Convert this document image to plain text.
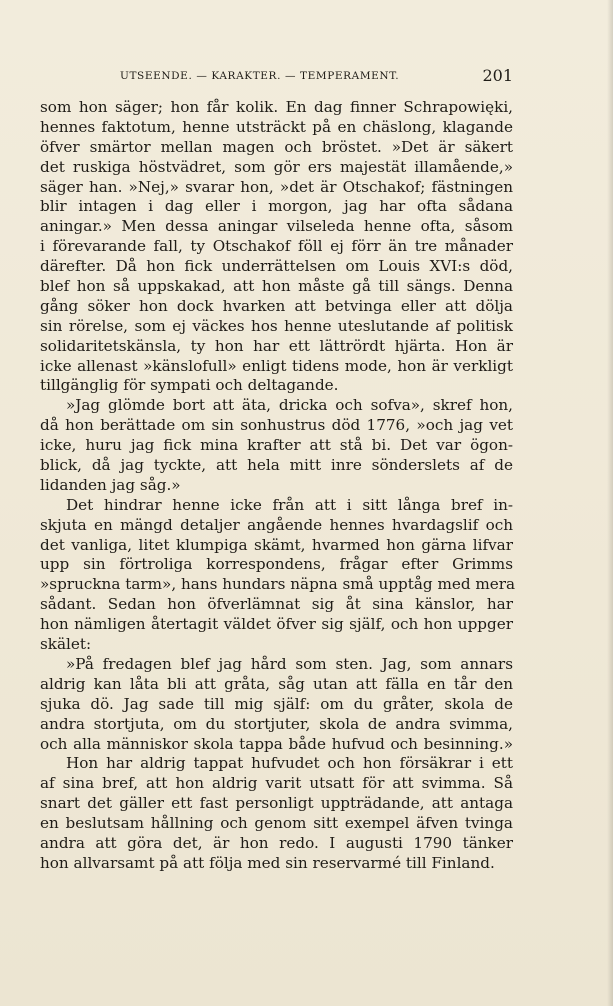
UTSEENDE. — KARAKTER. — TEMPERAMENT.	201
som hon säger; hon får kolik. En dag finner Schrapowięki,
hennes faktotum, henne utsträckt på en chäslong, klagande
öfver smärtor mellan magen och bröstet. »Det är säkert
det ruskiga höstvädret, som gör ers majestät illamående,»
säger han. »Nej,» svarar hon, »det är Otschakof; fästningen
blir intagen i dag eller i morgon, jag har ofta sådana
aningar.» Men dessa aningar vilseleda henne ofta, såsom
i förevarande fall, ty Otschakof föll ej förr än tre månader
därefter. Då hon fick underrättelsen om Louis XVI:s död,
blef hon så uppskakad, att hon måste gå till sängs. Denna
gång söker hon dock hvarken att betvinga eller att dölja
sin rörelse, som ej väckes hos henne uteslutande af politisk
solidaritetskänsla, ty hon har ett lättrördt hjärta. Hon är
icke allenast »känslofull» enligt tidens mode, hon är verkligt
tillgänglig för sympati och deltagande.
»Jag glömde bort att äta, dricka och sofva», skref hon,
då hon berättade om sin sonhustrus död 1776, »och jag vet
icke, huru jag fick mina krafter att stå bi. Det var ögon-
blick, då jag tyckte, att hela mitt inre sönderslets af de
lidanden jag såg.»
Det hindrar henne icke från att i sitt långa bref in-
skjuta en mängd detaljer angående hennes hvardagslif och
det vanliga, litet klumpiga skämt, hvarmed hon gärna lifvar
upp sin förtroliga korrespondens, frågar efter Grimms
»spruckna tarm», hans hundars näpna små upptåg med mera
sådant. Sedan hon öfverlämnat sig åt sina känslor, har
hon nämligen återtagit väldet öfver sig själf, och hon uppger
skälet:
»På fredagen blef jag hård som sten. Jag, som annars
aldrig kan låta bli att gråta, såg utan att fälla en tår den
sjuka dö. Jag sade till mig själf: om du gråter, skola de
andra stortjuta, om du stortjuter, skola de andra svimma,
och alla människor skola tappa både hufvud och besinning.»
Hon har aldrig tappat hufvudet och hon försäkrar i ett
af sina bref, att hon aldrig varit utsatt för att svimma. Så
snart det gäller ett fast personligt uppträdande, att antaga
en beslutsam hållning och genom sitt exempel äfven tvinga
andra att göra det, är hon redo. I augusti 1790 tänker
hon allvarsamt på att följa med sin reservarmé till Finland.
